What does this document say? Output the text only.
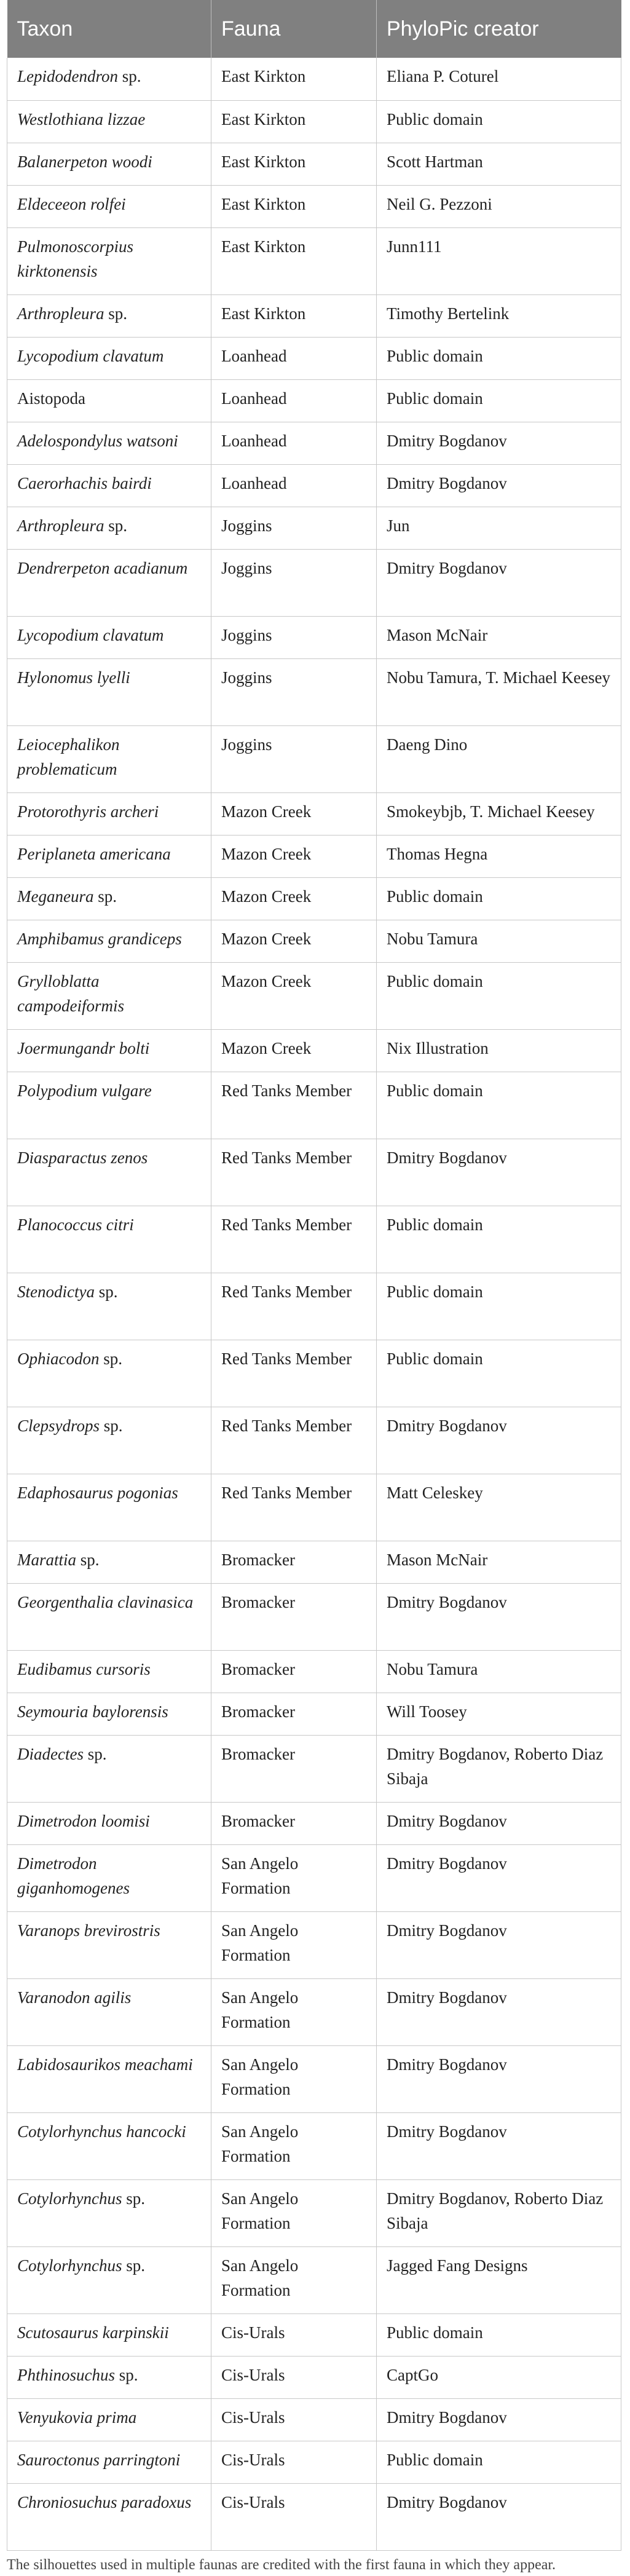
Taxon	Fauna	PhyloPic creator
Lepidodendron sp.	East Kirkton	Eliana P. Coturel
Westlothiana lizzae	East Kirkton	Public domain
Balanerpeton woodi	East Kirkton	Scott Hartman
Eldeceeon rolfei	East Kirkton	Neil G. Pezzoni
Pulmonoscorpius kirktonensis	East Kirkton	Junn111
Arthropleura sp.	East Kirkton	Timothy Bertelink
Lycopodium clavatum	Loanhead	Public domain
Aistopoda	Loanhead	Public domain
Adelospondylus watsoni	Loanhead	Dmitry Bogdanov
Caerorhachis bairdi	Loanhead	Dmitry Bogdanov
Arthropleura sp.	Joggins	Jun
Dendrerpeton acadianum	Joggins	Dmitry Bogdanov
Lycopodium clavatum	Joggins	Mason McNair
Hylonomus lyelli	Joggins	Nobu Tamura, T. Michael Keesey
Leiocephalikon problematicum	Joggins	Daeng Dino
Protorothyris archeri	Mazon Creek	Smokeybjb, T. Michael Keesey
Periplaneta americana	Mazon Creek	Thomas Hegna
Meganeura sp.	Mazon Creek	Public domain
Amphibamus grandiceps	Mazon Creek	Nobu Tamura
Grylloblatta campodeiformis	Mazon Creek	Public domain
Joermungandr bolti	Mazon Creek	Nix Illustration
Polypodium vulgare	Red Tanks Member	Public domain
Diasparactus zenos	Red Tanks Member	Dmitry Bogdanov
Planococcus citri	Red Tanks Member	Public domain
Stenodictya sp.	Red Tanks Member	Public domain
Ophiacodon sp.	Red Tanks Member	Public domain
Clepsydrops sp.	Red Tanks Member	Dmitry Bogdanov
Edaphosaurus pogonias	Red Tanks Member	Matt Celeskey
Marattia sp.	Bromacker	Mason McNair
Georgenthalia clavinasica	Bromacker	Dmitry Bogdanov
Eudibamus cursoris	Bromacker	Nobu Tamura
Seymouria baylorensis	Bromacker	Will Toosey
Diadectes sp.	Bromacker	Dmitry Bogdanov, Roberto Diaz Sibaja
Dimetrodon loomisi	Bromacker	Dmitry Bogdanov
Dimetrodon giganhomogenes	San Angelo Formation	Dmitry Bogdanov
Varanops brevirostris	San Angelo Formation	Dmitry Bogdanov
Varanodon agilis	San Angelo Formation	Dmitry Bogdanov
Labidosaurikos meachami	San Angelo Formation	Dmitry Bogdanov
Cotylorhynchus hancocki	San Angelo Formation	Dmitry Bogdanov
Cotylorhynchus sp.	San Angelo Formation	Dmitry Bogdanov, Roberto Diaz Sibaja
Cotylorhynchus sp.	San Angelo Formation	Jagged Fang Designs
Scutosaurus karpinskii	Cis-Urals	Public domain
Phthinosuchus sp.	Cis-Urals	CaptGo
Venyukovia prima	Cis-Urals	Dmitry Bogdanov
Sauroctonus parringtoni	Cis-Urals	Public domain
Chroniosuchus paradoxus	Cis-Urals	Dmitry Bogdanov

The silhouettes used in multiple faunas are credited with the first fauna in which they appear.
